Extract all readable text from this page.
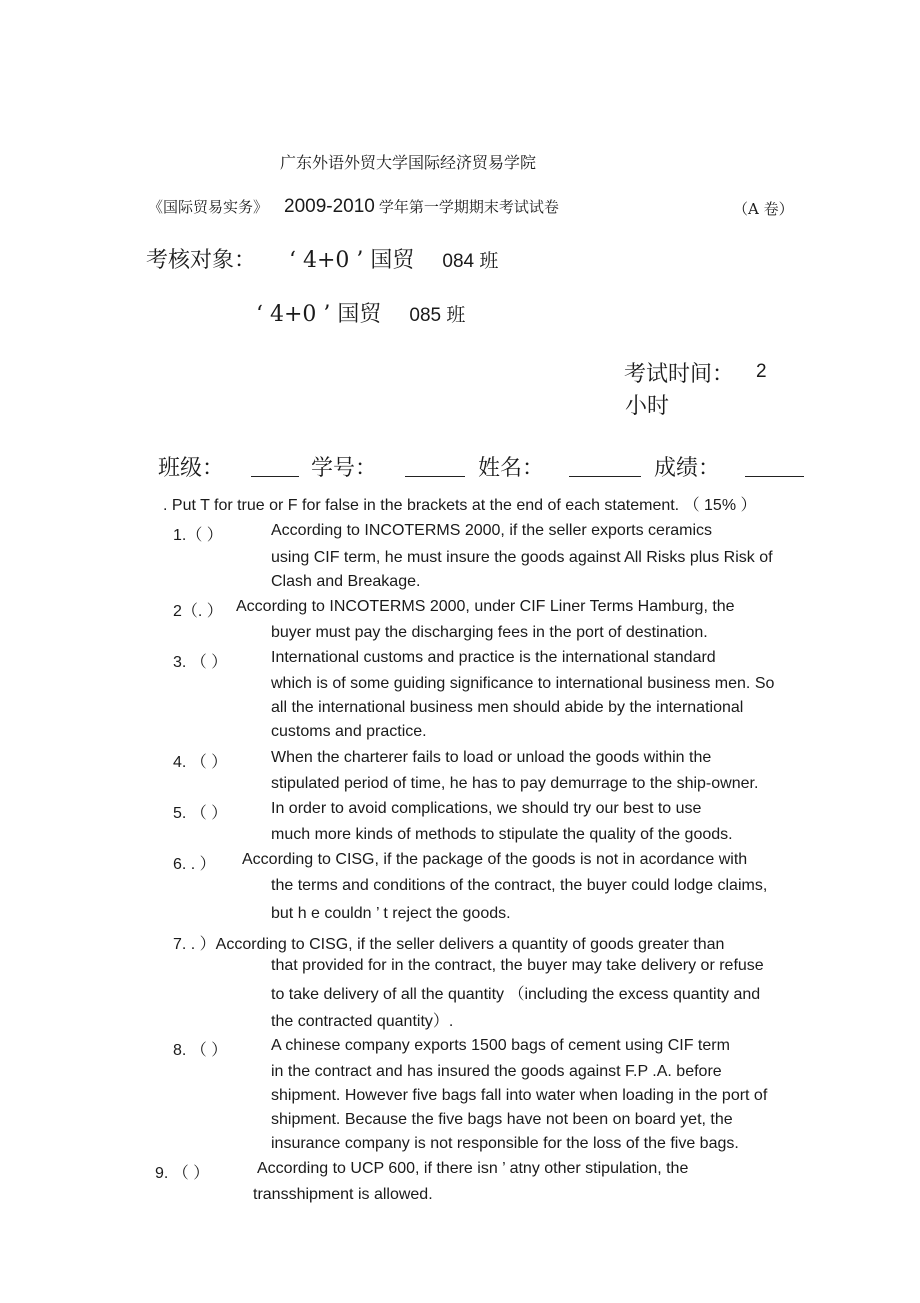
广东外语外贸大学国际经济贸易学院
《国际贸易实务》 2009-2010 学年第一学期期末考试试卷	（A 卷）
考核对象： ‘ 4+0 ’ 国贸 084 班
‘ 4+0 ’ 国贸 085 班
考试时间： 2
小时
班级：	学号：	姓名：	成绩：
. Put T for true or F for false in the brackets at the end of each statement. （ 15% ）
1.（ ）	According to INCOTERMS 2000, if the seller exports ceramics
using CIF term, he must insure the goods against All Risks plus Risk of
Clash and Breakage.
2（. ） According to INCOTERMS 2000, under CIF Liner Terms Hamburg, the
buyer must pay the discharging fees in the port of destination.
3. （ ）	International customs and practice is the international standard
which is of some guiding significance to international business men. So
all the international business men should abide by the international
customs and practice.
4. （ ）	When the charterer fails to load or unload the goods within the
stipulated period of time, he has to pay demurrage to the ship-owner.
5. （ ）	In order to avoid complications, we should try our best to use
much more kinds of methods to stipulate the quality of the goods.
6. . ） According to CISG, if the package of the goods is not in acordance with
the terms and conditions of the contract, the buyer could lodge claims,
but h e couldn ’ t reject the goods.
7. . ）According to CISG, if the seller delivers a quantity of goods greater than
that provided for in the contract, the buyer may take delivery or refuse
to take delivery of all the quantity （including the excess quantity and
the contracted quantity）.
8. （ ）	A chinese company exports 1500 bags of cement using CIF term
in the contract and has insured the goods against F.P .A. before
shipment. However five bags fall into water when loading in the port of
shipment. Because the five bags have not been on board yet, the
insurance company is not responsible for the loss of the five bags.
9. （ ）	According to UCP 600, if there isn ’ atny other stipulation, the
transshipment is allowed.
